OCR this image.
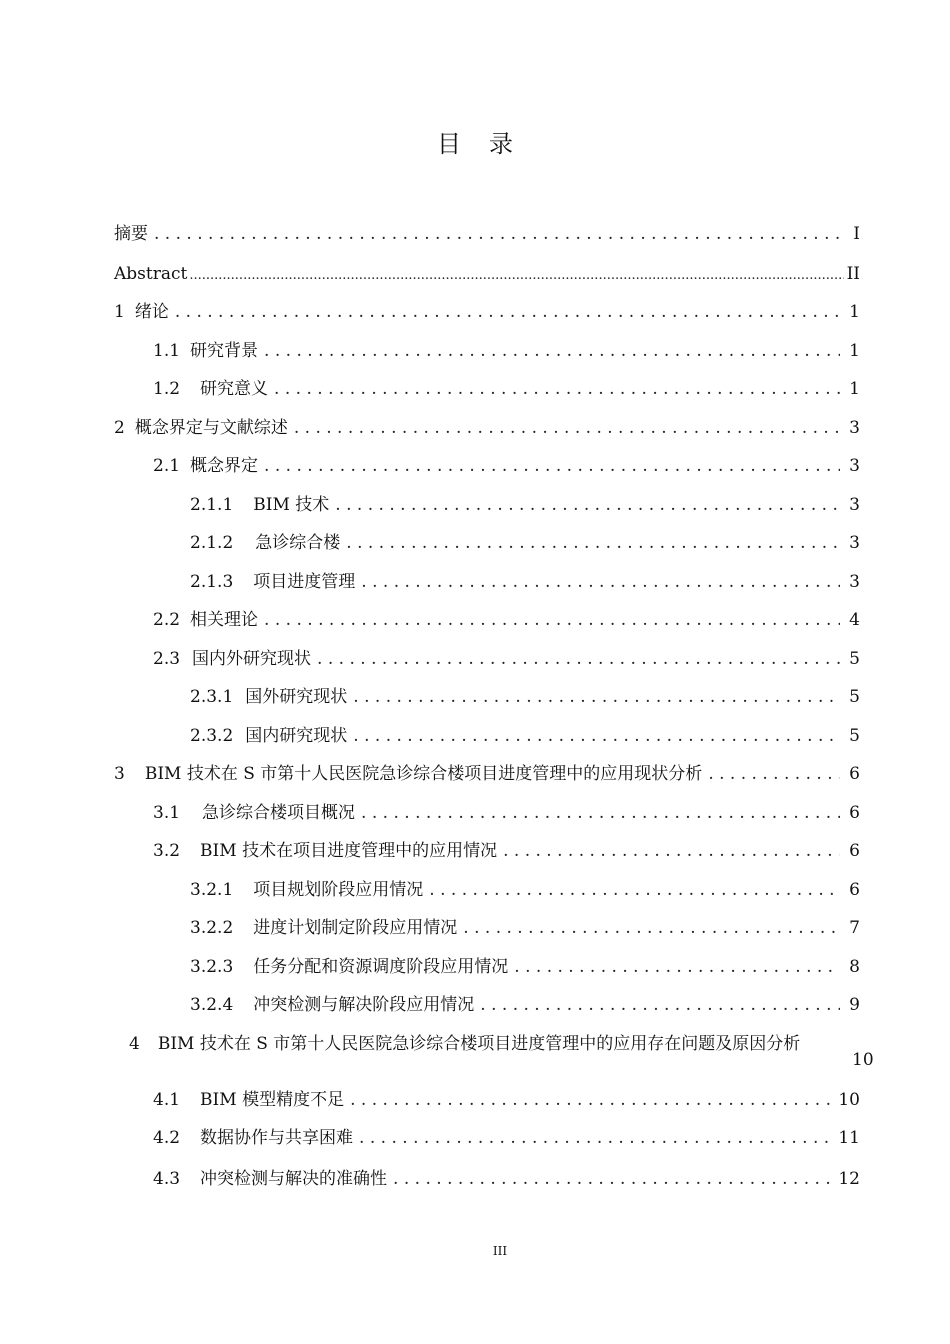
目 录
摘要 . . .	I
Abstract .....	II
1 绪论 . . .	1
1.1 研究背景 . . .	1
1.2 研究意义 . . .	1
2 概念界定与文献综述 . . .	3
2.1 概念界定 . . .	3
2.1.1 BIM 技术 . . .	3
2.1.2 急诊综合楼 . . .	3
2.1.3 项目进度管理 . . .	3
2.2 相关理论 . . .	4
2.3 国内外研究现状 . . .	5
2.3.1 国外研究现状 . . .	5
2.3.2 国内研究现状 . . .	5
3 BIM 技术在 S 市第十人民医院急诊综合楼项目进度管理中的应用现状分析 . . .	6
3.1 急诊综合楼项目概况 . . .	6
3.2 BIM 技术在项目进度管理中的应用情况 . . .	6
3.2.1 项目规划阶段应用情况 . . .	6
3.2.2 进度计划制定阶段应用情况 . . .	7
3.2.3 任务分配和资源调度阶段应用情况 . . .	8
3.2.4 冲突检测与解决阶段应用情况 . . .	9
4 BIM 技术在 S 市第十人民医院急诊综合楼项目进度管理中的应用存在问题及原因分析
10
4.1 BIM 模型精度不足 . . .	10
4.2 数据协作与共享困难 . . .	11
4.3 冲突检测与解决的准确性 . . .	12
III
